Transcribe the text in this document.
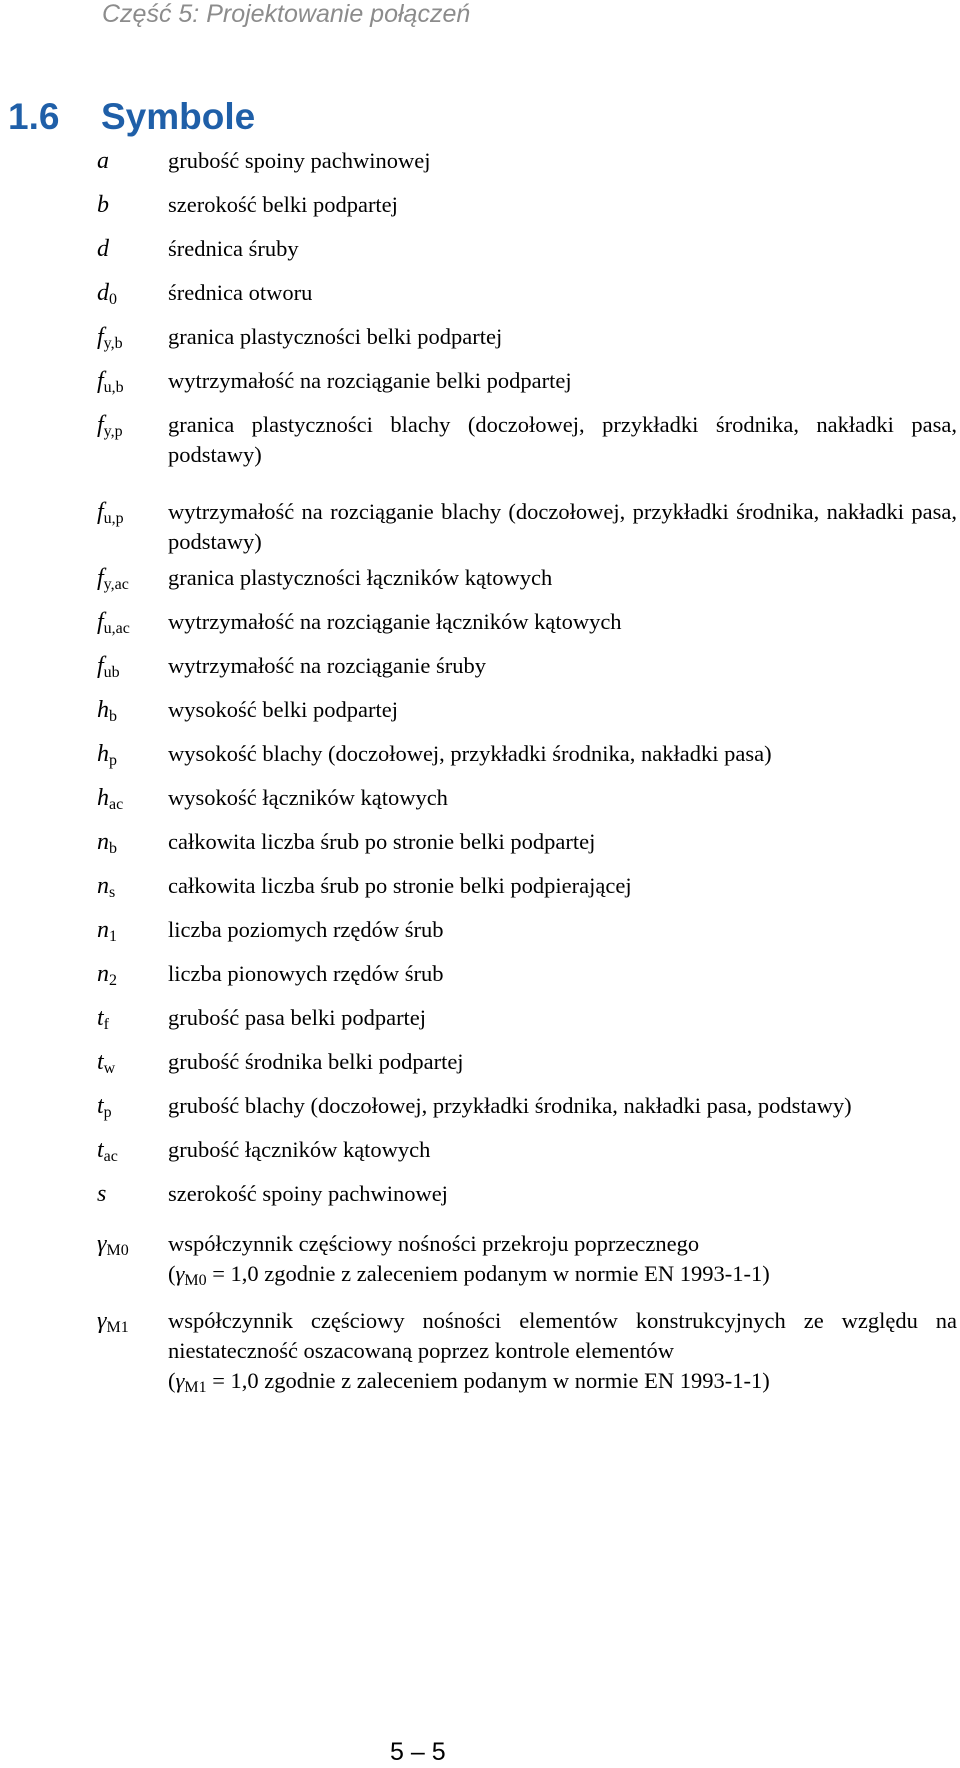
Część 5: Projektowanie połączeń
1.6 Symbole
a	grubość spoiny pachwinowej
b	szerokość belki podpartej
d	średnica śruby
$d_0$ średnica otworu
$f_{y,b}$ granica plastyczności belki podpartej
$f_{u,b}$ wytrzymałość na rozciąganie belki podpartej
$f_{y,p}$ granica plastyczności blachy (doczołowej, przykładki środnika, nakładki pasa, podstawy)
$f_{u,p}$ wytrzymałość na rozciąganie blachy (doczołowej, przykładki środnika, nakładki pasa, podstawy)
$f_{y,ac}$ granica plastyczności łączników kątowych
$f_{u,ac}$ wytrzymałość na rozciąganie łączników kątowych
$f_{ub}$ wytrzymałość na rozciąganie śruby
$h_b$ wysokość belki podpartej
$h_p$ wysokość blachy (doczołowej, przykładki środnika, nakładki pasa)
$h_{ac}$ wysokość łączników kątowych
$n_b$ całkowita liczba śrub po stronie belki podpartej
$n_s$ całkowita liczba śrub po stronie belki podpierającej
$n_1$ liczba poziomych rzędów śrub
$n_2$ liczba pionowych rzędów śrub
$t_f$	grubość pasa belki podpartej
$t_w$ grubość środnika belki podpartej
$t_p$	grubość blachy (doczołowej, przykładki środnika, nakładki pasa, podstawy)
$t_{ac}$ grubość łączników kątowych
s	szerokość spoiny pachwinowej
$\gamma_{M0}$ współczynnik częściowy nośności przekroju poprzecznego
($\gamma_{M0} = 1,0$ zgodnie z zaleceniem podanym w normie EN 1993-1-1)
$\gamma_{M1}$ współczynnik częściowy nośności elementów konstrukcyjnych ze względu na niestateczność oszacowaną poprzez kontrole elementów
($\gamma_{M1} = 1,0$ zgodnie z zaleceniem podanym w normie EN 1993-1-1)
5 – 5
